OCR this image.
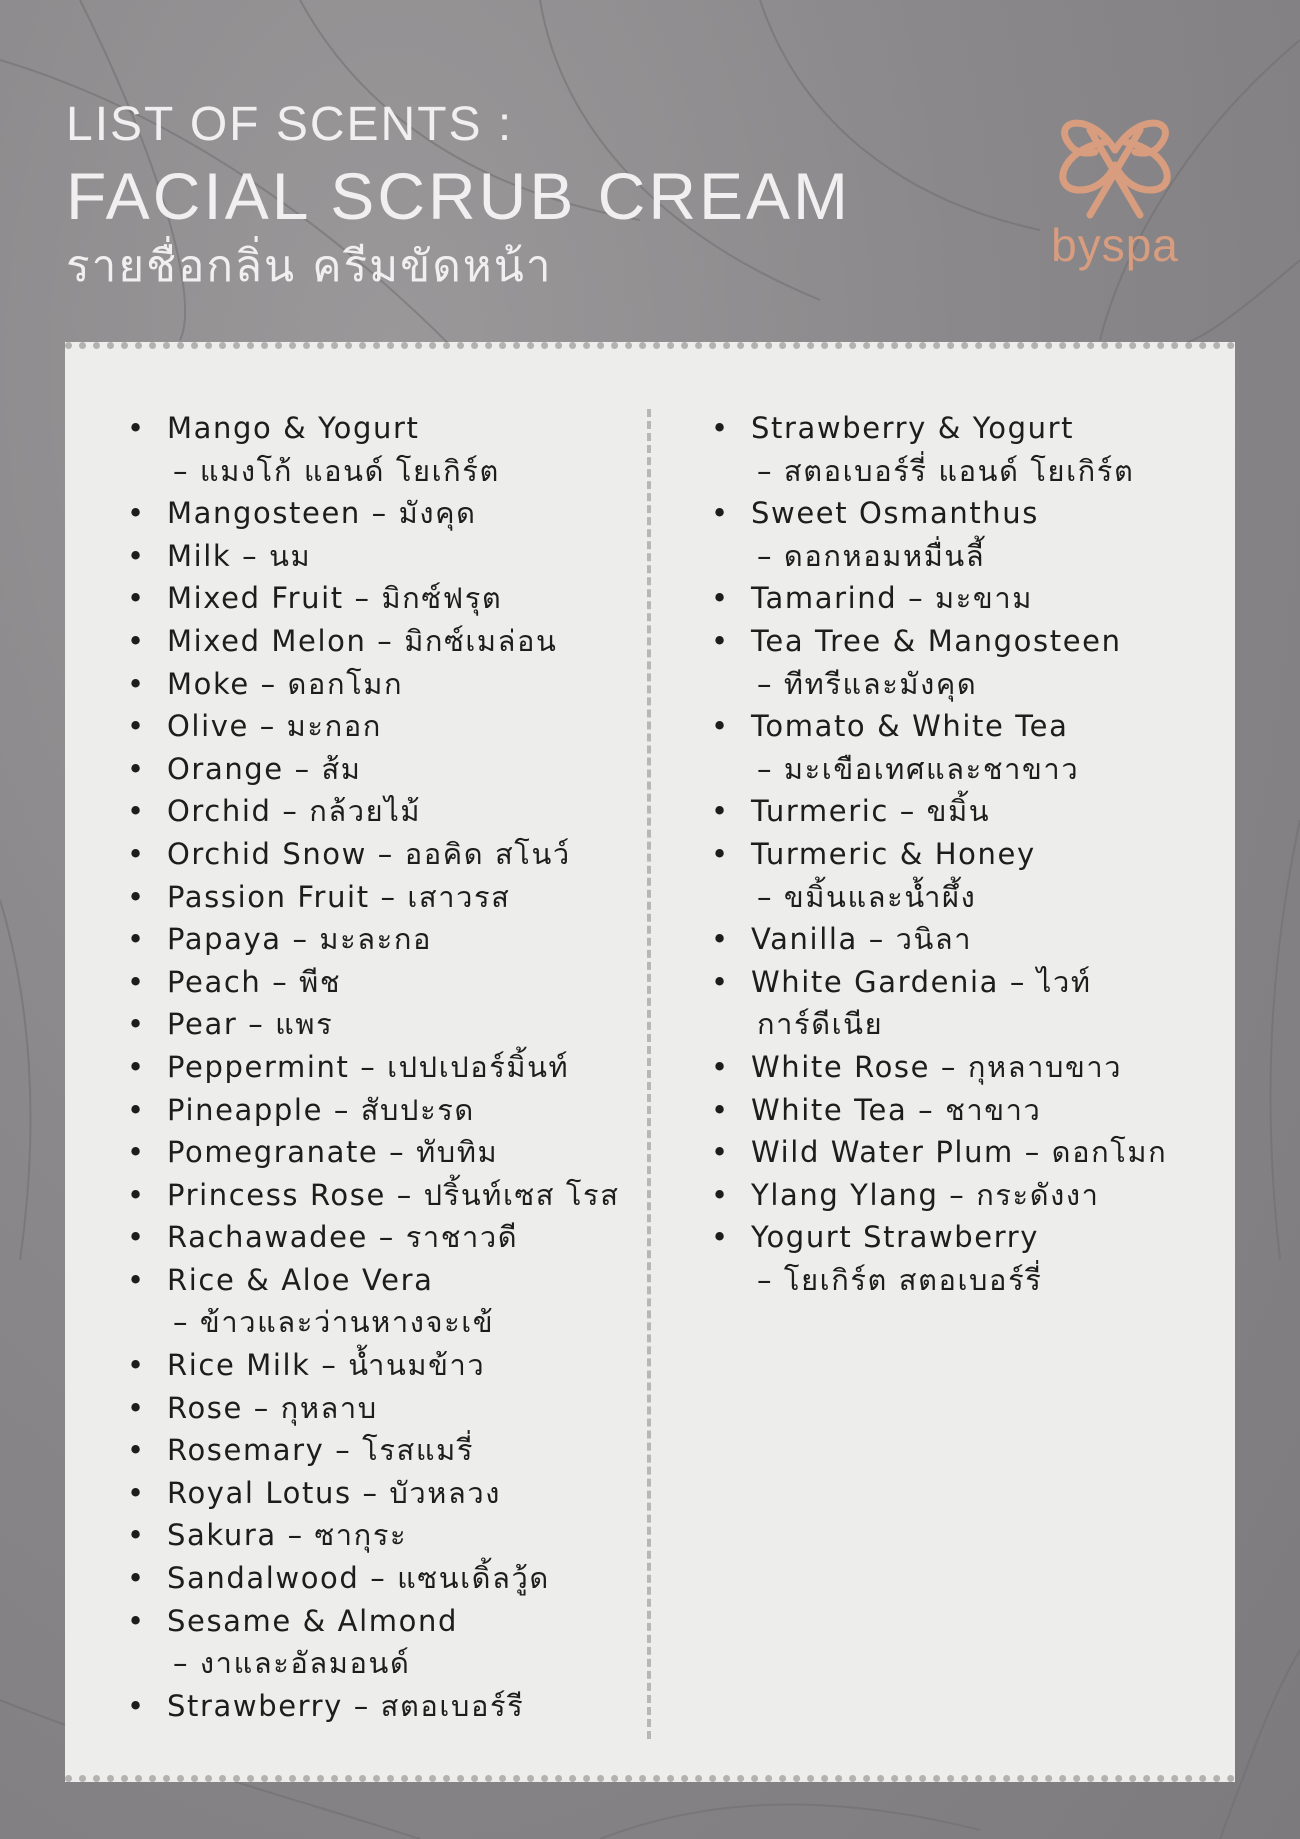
LIST OF SCENTS :
FACIAL SCRUB CREAM
รายชื่อกลิ่น ครีมขัดหน้า	byspa
• Mango & Yogurt
– แมงโก้ แอนด์ โยเกิร์ต
• Mangosteen – มังคุด
• Milk – นม
• Mixed Fruit – มิกซ์ฟรุต
• Mixed Melon – มิกซ์เมล่อน
• Moke – ดอกโมก
• Olive – มะกอก
• Orange – ส้ม
• Orchid – กล้วยไม้
• Orchid Snow – ออคิด สโนว์
• Passion Fruit – เสาวรส
• Papaya – มะละกอ
• Peach – พีช
• Pear – แพร
• Peppermint – เปปเปอร์มิ้นท์
• Pineapple – สับปะรด
• Pomegranate – ทับทิม
• Princess Rose – ปริ้นท์เซส โรส
• Rachawadee – ราชาวดี
• Rice & Aloe Vera
– ข้าวและว่านหางจะเข้
• Rice Milk – น้ำนมข้าว
• Rose – กุหลาบ
• Rosemary – โรสแมรี่
• Royal Lotus – บัวหลวง
• Sakura – ซากุระ
• Sandalwood – แซนเดิ้ลวู้ด
• Sesame & Almond
– งาและอัลมอนด์
• Strawberry – สตอเบอร์รี
• Strawberry & Yogurt
– สตอเบอร์รี่ แอนด์ โยเกิร์ต
• Sweet Osmanthus
– ดอกหอมหมื่นลี้
• Tamarind – มะขาม
• Tea Tree & Mangosteen
– ทีทรีและมังคุด
• Tomato & White Tea
– มะเขือเทศและชาขาว
• Turmeric – ขมิ้น
• Turmeric & Honey
– ขมิ้นและน้ำผึ้ง
• Vanilla – วนิลา
• White Gardenia – ไวท์
การ์ดีเนีย
• White Rose – กุหลาบขาว
• White Tea – ชาขาว
• Wild Water Plum – ดอกโมก
• Ylang Ylang – กระดังงา
• Yogurt Strawberry
– โยเกิร์ต สตอเบอร์รี่
